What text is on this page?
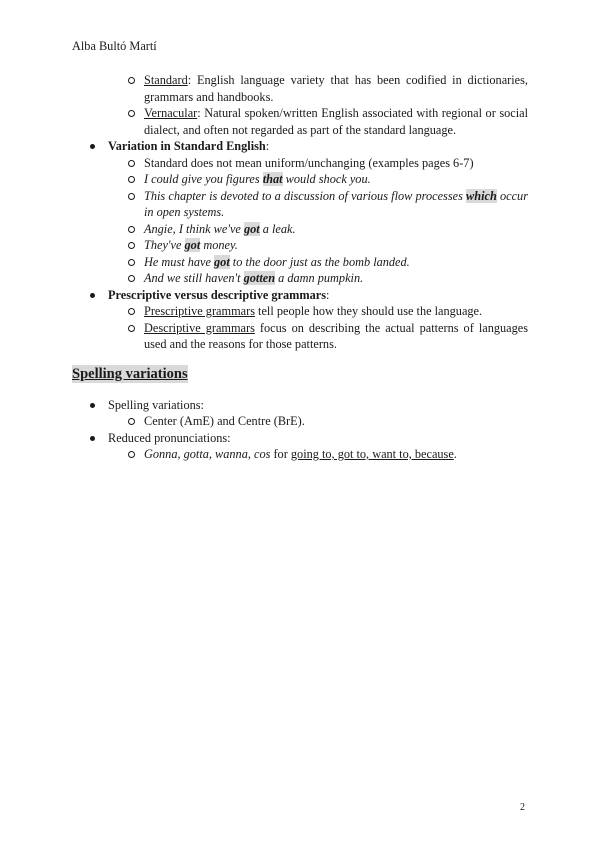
Alba Bultó Martí
Standard: English language variety that has been codified in dictionaries, grammars and handbooks.
Vernacular: Natural spoken/written English associated with regional or social dialect, and often not regarded as part of the standard language.
Variation in Standard English:
Standard does not mean uniform/unchanging (examples pages 6-7)
I could give you figures that would shock you.
This chapter is devoted to a discussion of various flow processes which occur in open systems.
Angie, I think we've got a leak.
They've got money.
He must have got to the door just as the bomb landed.
And we still haven't gotten a damn pumpkin.
Prescriptive versus descriptive grammars:
Prescriptive grammars tell people how they should use the language.
Descriptive grammars focus on describing the actual patterns of languages used and the reasons for those patterns.
Spelling variations
Spelling variations:
Center (AmE) and Centre (BrE).
Reduced pronunciations:
Gonna, gotta, wanna, cos for going to, got to, want to, because.
2
